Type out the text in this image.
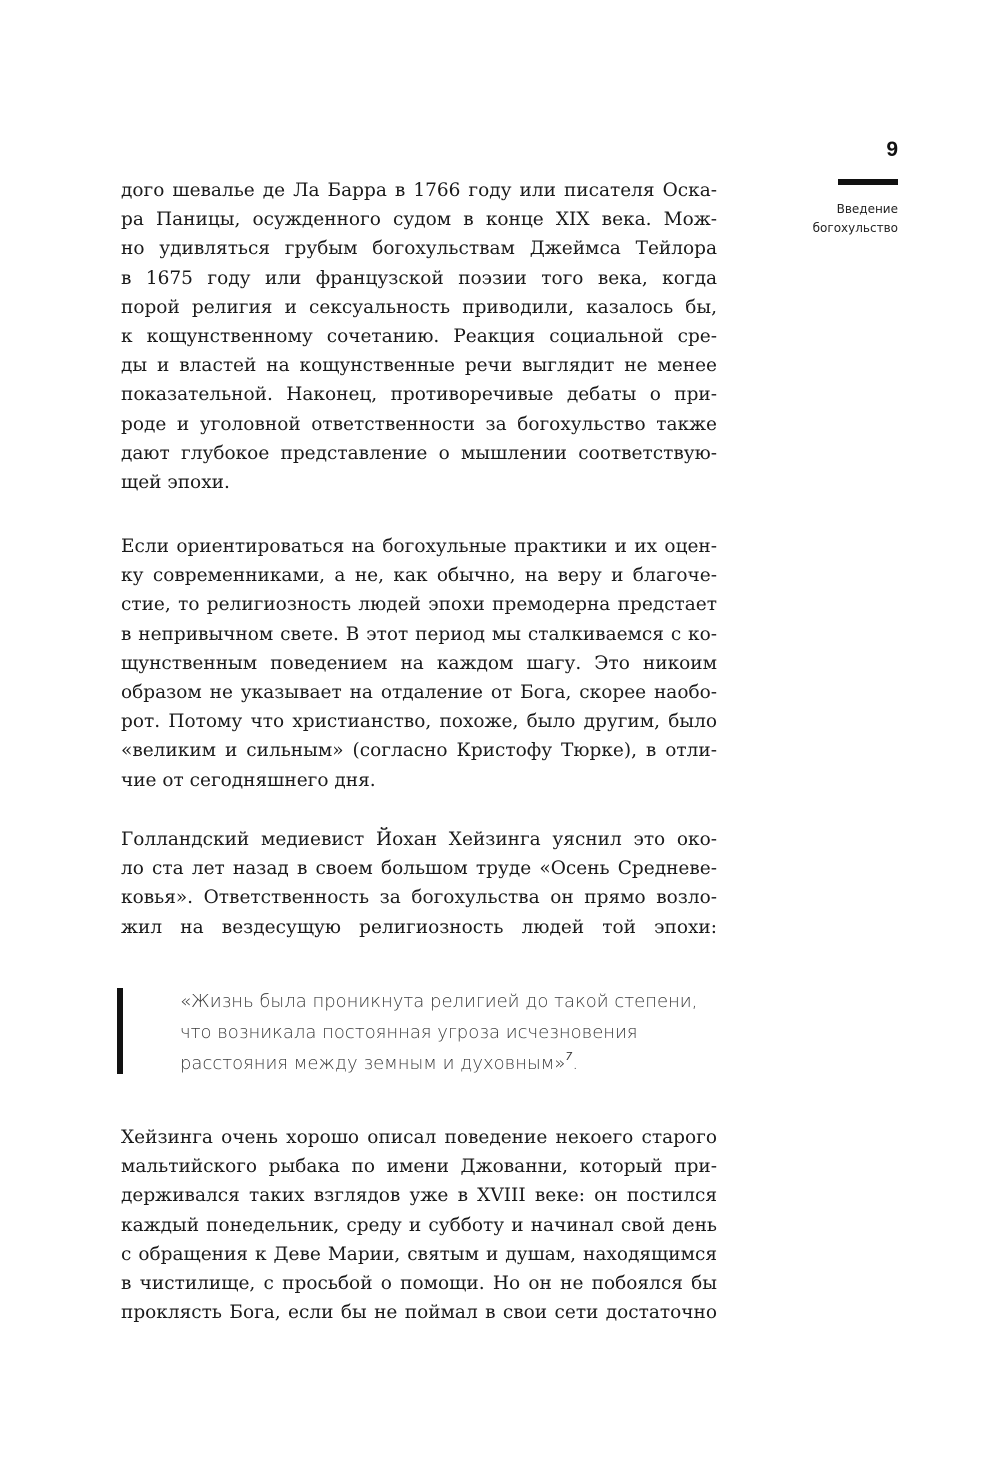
9
Введение
богохульство
дого шевалье де Ла Барра в 1766 году или писателя Оска-
ра Паницы, осужденного судом в конце XIX века. Мож-
но удивляться грубым богохульствам Джеймса Тейлора
в 1675 году или французской поэзии того века, когда
порой религия и сексуальность приводили, казалось бы,
к кощунственному сочетанию. Реакция социальной сре-
ды и властей на кощунственные речи выглядит не менее
показательной. Наконец, противоречивые дебаты о при-
роде и уголовной ответственности за богохульство также
дают глубокое представление о мышлении соответствую-
щей эпохи.
Если ориентироваться на богохульные практики и их оцен-
ку современниками, а не, как обычно, на веру и благоче-
стие, то религиозность людей эпохи премодерна предстает
в непривычном свете. В этот период мы сталкиваемся с ко-
щунственным поведением на каждом шагу. Это никоим
образом не указывает на отдаление от Бога, скорее наобо-
рот. Потому что христианство, похоже, было другим, было
«великим и сильным» (согласно Кристофу Тюрке), в отли-
чие от сегодняшнего дня.
Голландский медиевист Йохан Хейзинга уяснил это око-
ло ста лет назад в своем большом труде «Осень Средневе-
ковья». Ответственность за богохульства он прямо возло-
жил на вездесущую религиозность людей той эпохи:
«Жизнь была проникнута религией до такой степени,
что возникала постоянная угроза исчезновения
расстояния между земным и духовным»$^7$.
Хейзинга очень хорошо описал поведение некоего старого
мальтийского рыбака по имени Джованни, который при-
держивался таких взглядов уже в XVIII веке: он постился
каждый понедельник, среду и субботу и начинал свой день
с обращения к Деве Марии, святым и душам, находящимся
в чистилище, с просьбой о помощи. Но он не побоялся бы
проклясть Бога, если бы не поймал в свои сети достаточно
